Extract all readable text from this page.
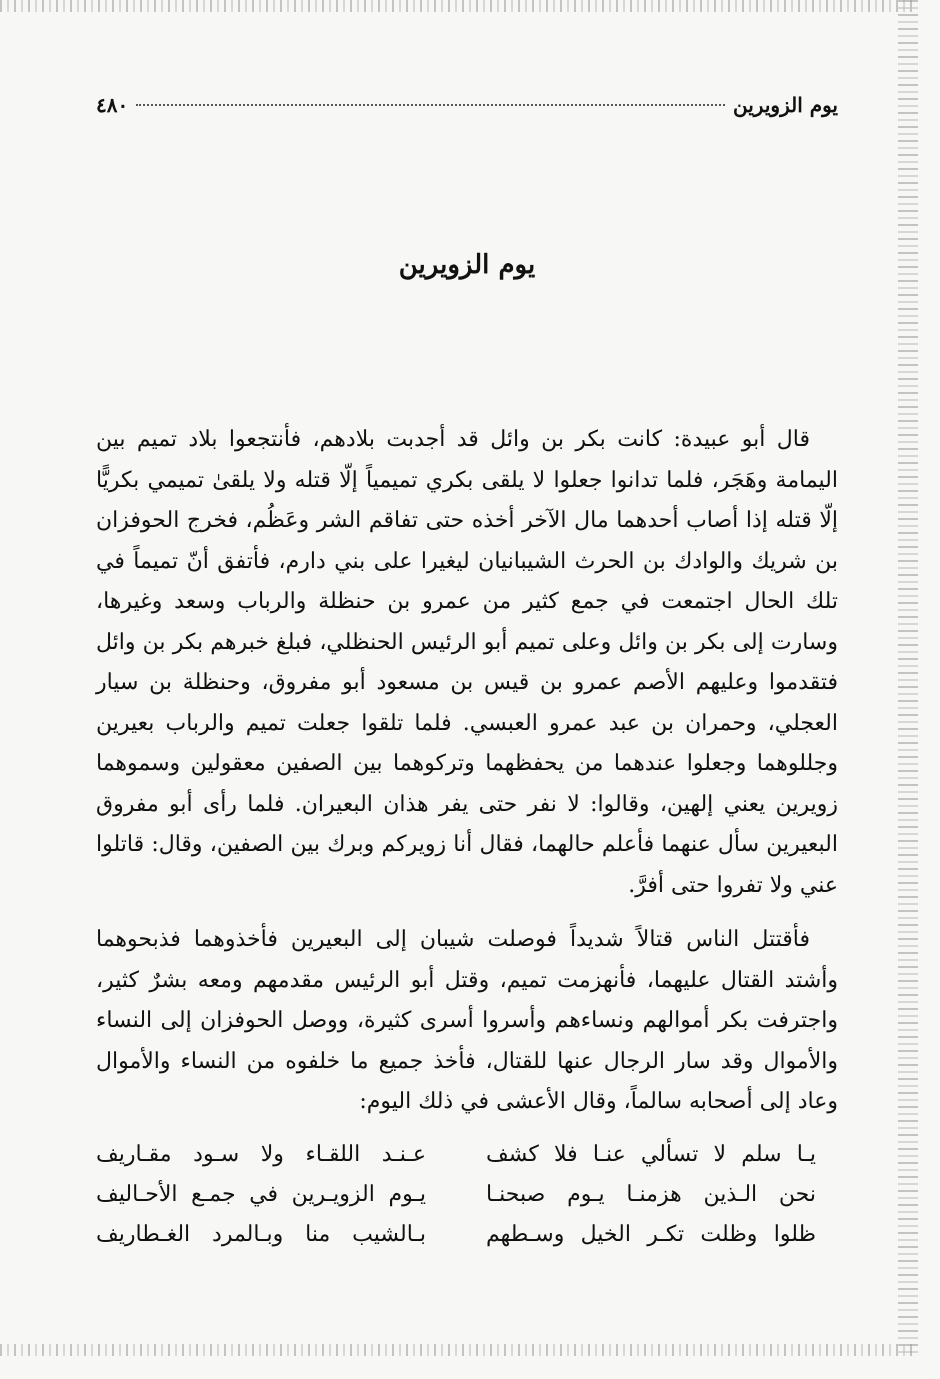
يوم الزويرين
٤٨٠
يوم الزويرين

قال أبو عبيدة: كانت بكر بن وائل قد أجدبت بلادهم، فأنتجعوا بلاد تميم بين اليمامة وهَجَر، فلما تدانوا جعلوا لا يلقى بكري تميمياً إلّا قتله ولا يلقىٰ تميمي بكريًّا إلّا قتله إذا أصاب أحدهما مال الآخر أخذه حتى تفاقم الشر وعَظُم، فخرج الحوفزان بن شريك والوادك بن الحرث الشيبانيان ليغيرا على بني دارم، فأتفق أنّ تميماً في تلك الحال اجتمعت في جمع كثير من عمرو بن حنظلة والرباب وسعد وغيرها، وسارت إلى بكر بن وائل وعلى تميم أبو الرئيس الحنظلي، فبلغ خبرهم بكر بن وائل فتقدموا وعليهم الأصم عمرو بن قيس بن مسعود أبو مفروق، وحنظلة بن سيار العجلي، وحمران بن عبد عمرو العبسي. فلما تلقوا جعلت تميم والرباب بعيرين وجللوهما وجعلوا عندهما من يحفظهما وتركوهما بين الصفين معقولين وسموهما زويرين يعني إلهين، وقالوا: لا نفر حتى يفر هذان البعيران. فلما رأى أبو مفروق البعيرين سأل عنهما فأعلم حالهما، فقال أنا زويركم وبرك بين الصفين، وقال: قاتلوا عني ولا تفروا حتى أفرَّ.

فأقتتل الناس قتالاً شديداً فوصلت شيبان إلى البعيرين فأخذوهما فذبحوهما وأشتد القتال عليهما، فأنهزمت تميم، وقتل أبو الرئيس مقدمهم ومعه بشرٌ كثير، واجترفت بكر أموالهم ونساءهم وأسروا أسرى كثيرة، ووصل الحوفزان إلى النساء والأموال وقد سار الرجال عنها للقتال، فأخذ جميع ما خلفوه من النساء والأموال وعاد إلى أصحابه سالماً، وقال الأعشى في ذلك اليوم:

يـا سلم لا تسألي عنـا فلا كشف
عـنـد اللقـاء ولا سـود مقـاريف
نحن الـذين هزمنـا يـوم صبحنـا
يـوم الزويـرين في جمـع الأحـاليف
ظلوا وظلت تكـر الخيل وسـطهم
بـالشيب منا وبـالمرد الغـطاريف
